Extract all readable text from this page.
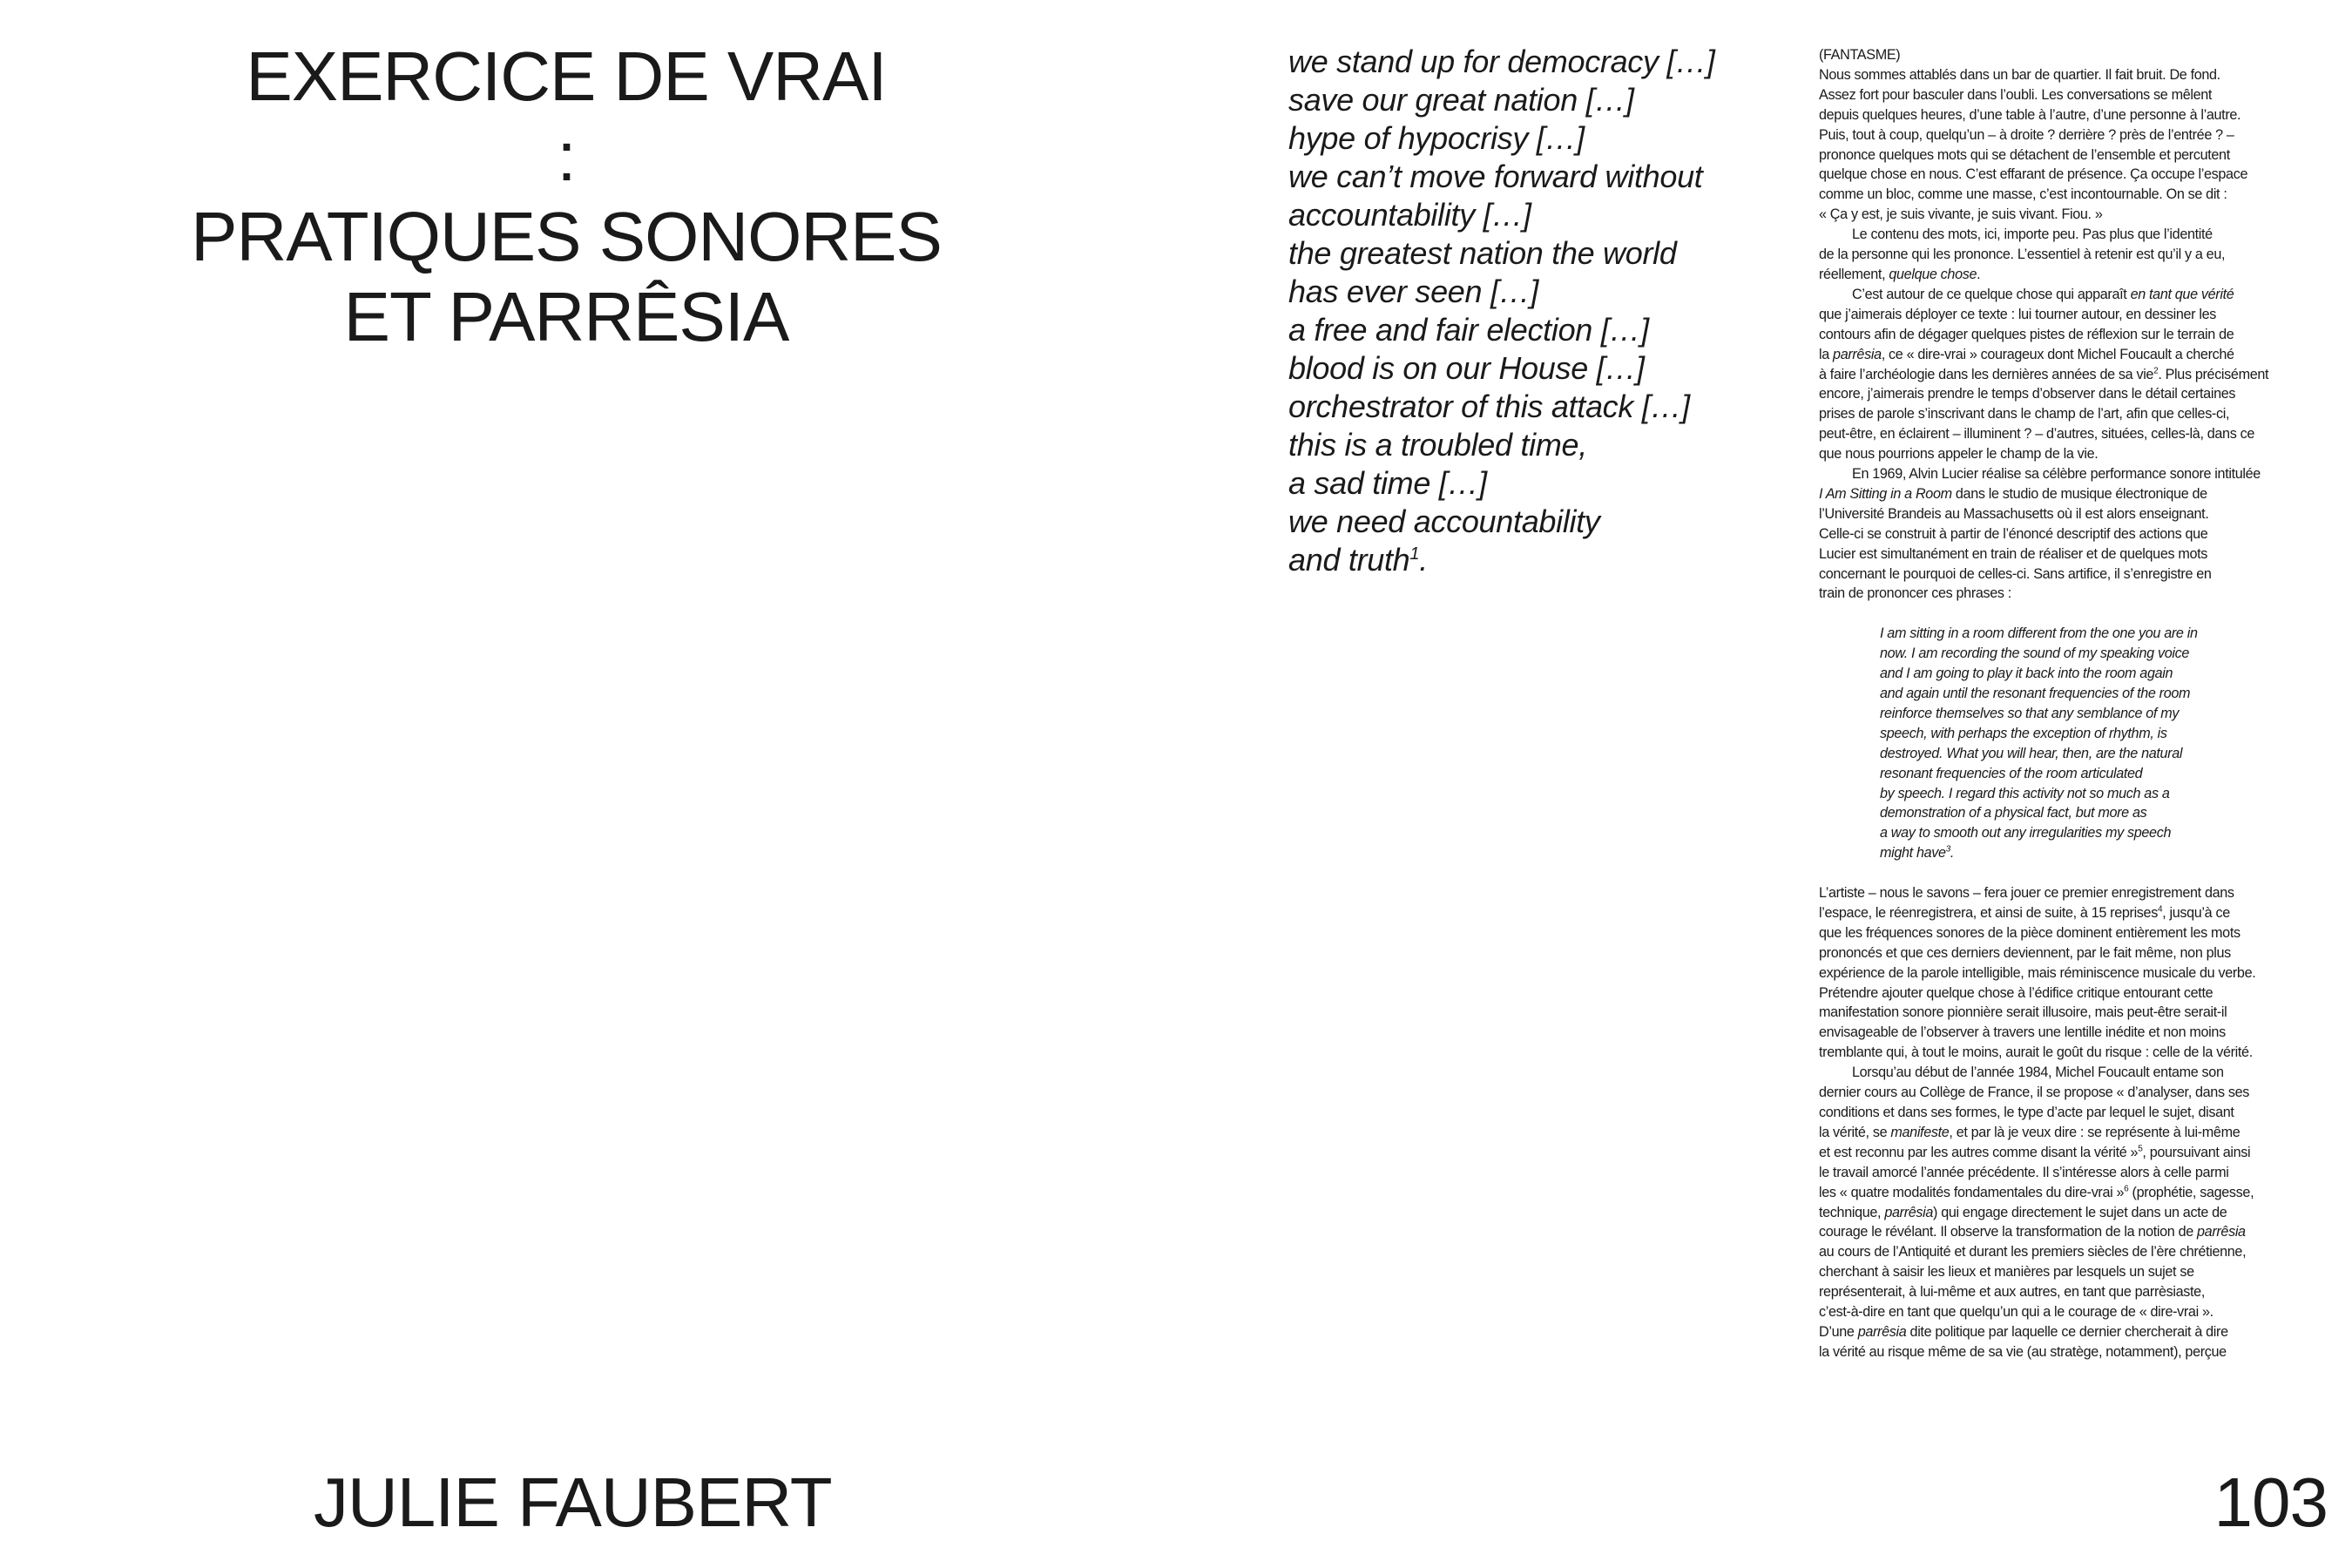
EXERCICE DE VRAI
:
PRATIQUES SONORES
ET PARRÊSIA
JULIE FAUBERT
we stand up for democracy […]
save our great nation […]
hype of hypocrisy […]
we can’t move forward without
accountability […]
the greatest nation the world
has ever seen […]
a free and fair election […]
blood is on our House […]
orchestrator of this attack […]
this is a troubled time,
a sad time […]
we need accountability
and truth$^1$.
(FANTASME)
Nous sommes attablés dans un bar de quartier. Il fait bruit. De fond.
Assez fort pour basculer dans l’oubli. Les conversations se mêlent
depuis quelques heures, d’une table à l’autre, d’une personne à l’autre.
Puis, tout à coup, quelqu’un – à droite ? derrière ? près de l’entrée ? –
prononce quelques mots qui se détachent de l’ensemble et percutent
quelque chose en nous. C’est effarant de présence. Ça occupe l’espace
comme un bloc, comme une masse, c’est incontournable. On se dit :
« Ça y est, je suis vivante, je suis vivant. Fiou. »
Le contenu des mots, ici, importe peu. Pas plus que l’identité
de la personne qui les prononce. L’essentiel à retenir est qu’il y a eu,
réellement, quelque chose.
C’est autour de ce quelque chose qui apparaît en tant que vérité
que j’aimerais déployer ce texte : lui tourner autour, en dessiner les
contours afin de dégager quelques pistes de réflexion sur le terrain de
la parrêsia, ce « dire-vrai » courageux dont Michel Foucault a cherché
à faire l’archéologie dans les dernières années de sa vie$^2$. Plus précisément
encore, j’aimerais prendre le temps d’observer dans le détail certaines
prises de parole s’inscrivant dans le champ de l’art, afin que celles-ci,
peut-être, en éclairent – illuminent ? – d’autres, situées, celles-là, dans ce
que nous pourrions appeler le champ de la vie.
En 1969, Alvin Lucier réalise sa célèbre performance sonore intitulée
I Am Sitting in a Room dans le studio de musique électronique de
l’Université Brandeis au Massachusetts où il est alors enseignant.
Celle-ci se construit à partir de l’énoncé descriptif des actions que
Lucier est simultanément en train de réaliser et de quelques mots
concernant le pourquoi de celles-ci. Sans artifice, il s’enregistre en
train de prononcer ces phrases :
I am sitting in a room different from the one you are in
now. I am recording the sound of my speaking voice
and I am going to play it back into the room again
and again until the resonant frequencies of the room
reinforce themselves so that any semblance of my
speech, with perhaps the exception of rhythm, is
destroyed. What you will hear, then, are the natural
resonant frequencies of the room articulated
by speech. I regard this activity not so much as a
demonstration of a physical fact, but more as
a way to smooth out any irregularities my speech
might have$^3$.
L’artiste – nous le savons – fera jouer ce premier enregistrement dans
l’espace, le réenregistrera, et ainsi de suite, à 15 reprises$^4$, jusqu’à ce
que les fréquences sonores de la pièce dominent entièrement les mots
prononcés et que ces derniers deviennent, par le fait même, non plus
expérience de la parole intelligible, mais réminiscence musicale du verbe.
Prétendre ajouter quelque chose à l’édifice critique entourant cette
manifestation sonore pionnière serait illusoire, mais peut-être serait-il
envisageable de l’observer à travers une lentille inédite et non moins
tremblante qui, à tout le moins, aurait le goût du risque : celle de la vérité.
Lorsqu’au début de l’année 1984, Michel Foucault entame son
dernier cours au Collège de France, il se propose « d’analyser, dans ses
conditions et dans ses formes, le type d’acte par lequel le sujet, disant
la vérité, se manifeste, et par là je veux dire : se représente à lui-même
et est reconnu par les autres comme disant la vérité »$^5$, poursuivant ainsi
le travail amorcé l’année précédente. Il s’intéresse alors à celle parmi
les « quatre modalités fondamentales du dire-vrai »$^6$ (prophétie, sagesse,
technique, parrêsia) qui engage directement le sujet dans un acte de
courage le révélant. Il observe la transformation de la notion de parrêsia
au cours de l’Antiquité et durant les premiers siècles de l’ère chrétienne,
cherchant à saisir les lieux et manières par lesquels un sujet se
représenterait, à lui-même et aux autres, en tant que parrèsiaste,
c’est-à-dire en tant que quelqu’un qui a le courage de « dire-vrai ».
D’une parrêsia dite politique par laquelle ce dernier chercherait à dire
la vérité au risque même de sa vie (au stratège, notamment), perçue
103
